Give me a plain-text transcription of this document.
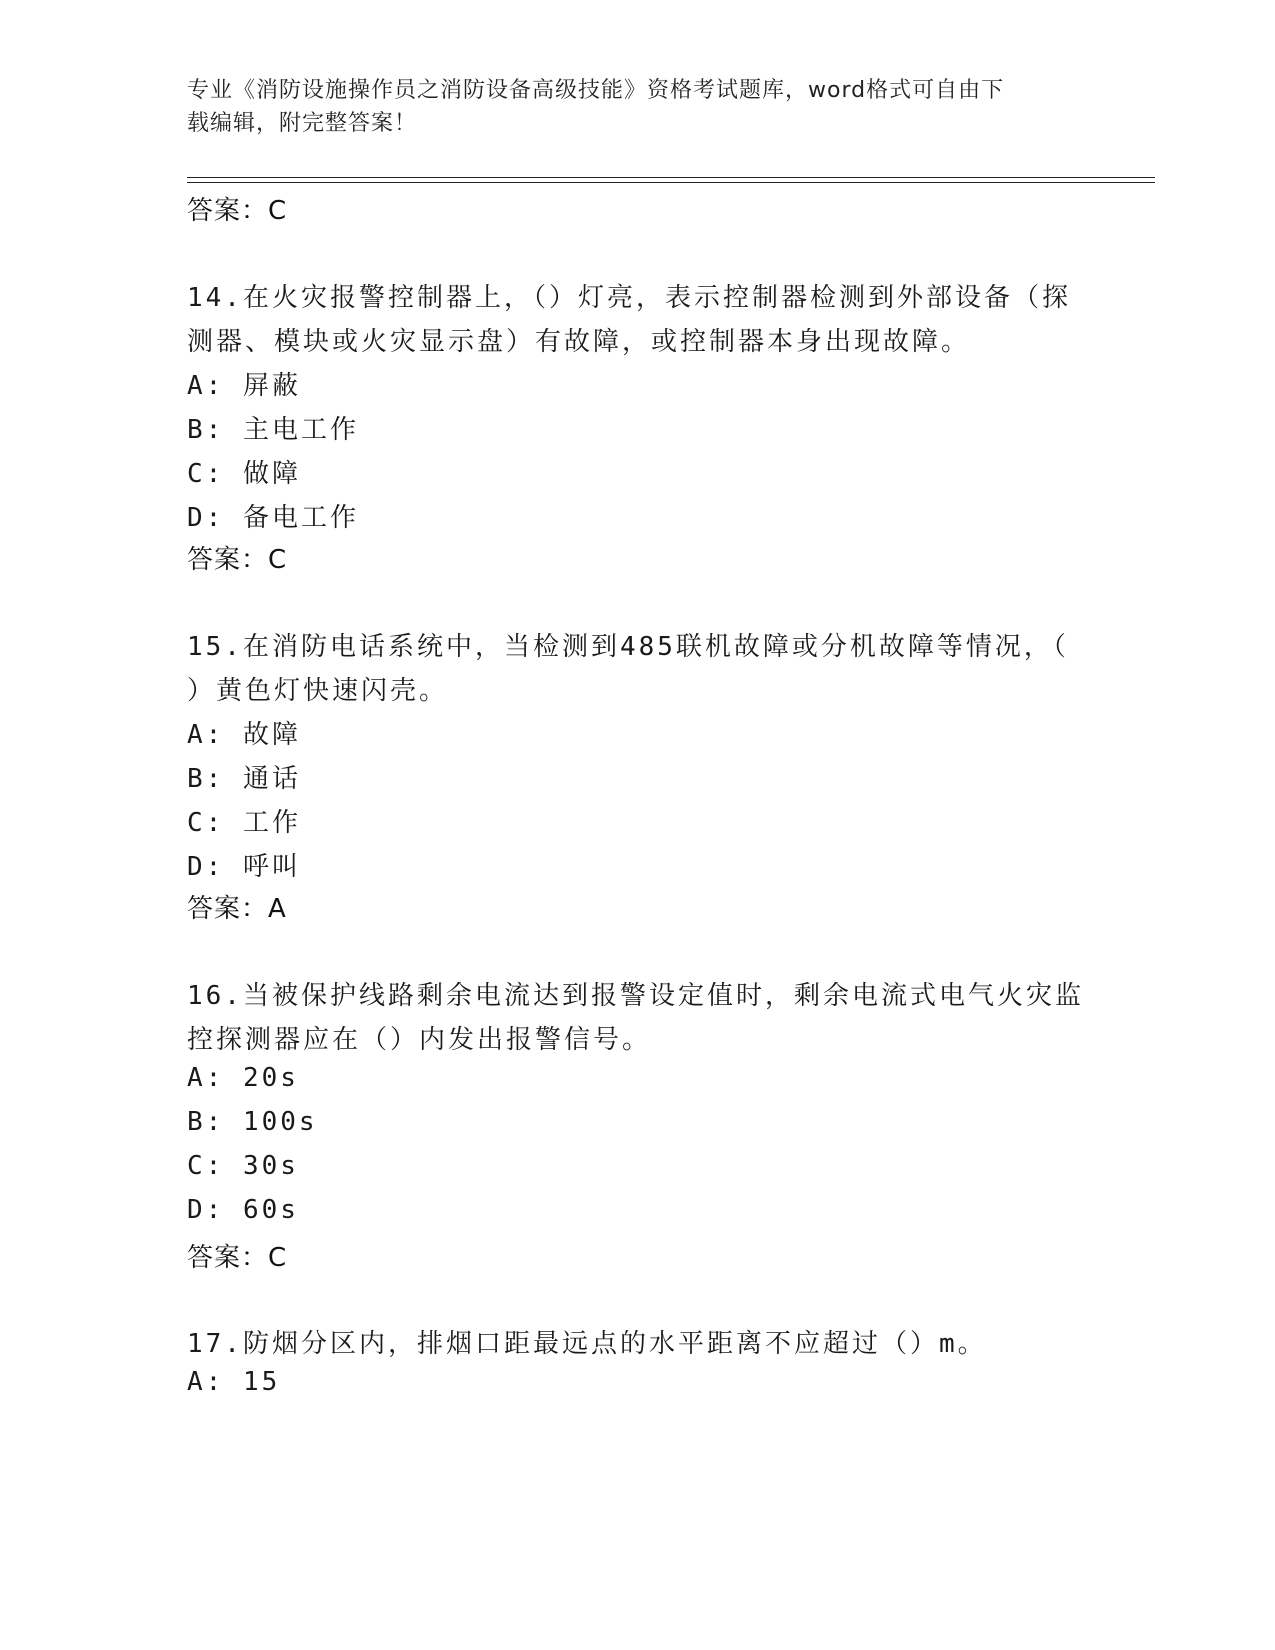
专业《消防设施操作员之消防设备高级技能》资格考试题库，word格式可自由下
载编辑，附完整答案！
答案：C
14.在火灾报警控制器上，（）灯亮，表示控制器检测到外部设备（探
测器、模块或火灾显示盘）有故障，或控制器本身出现故障。
A: 屏蔽
B: 主电工作
C: 做障
D: 备电工作
答案：C
15.在消防电话系统中，当检测到485联机故障或分机故障等情况，（
）黄色灯快速闪壳。
A: 故障
B: 通话
C: 工作
D: 呼叫
答案：A
16.当被保护线路剩余电流达到报警设定值时，剩余电流式电气火灾监
控探测器应在（）内发出报警信号。
A: 20s
B: 100s
C: 30s
D: 60s
答案：C
17.防烟分区内，排烟口距最远点的水平距离不应超过（）m。
A: 15
